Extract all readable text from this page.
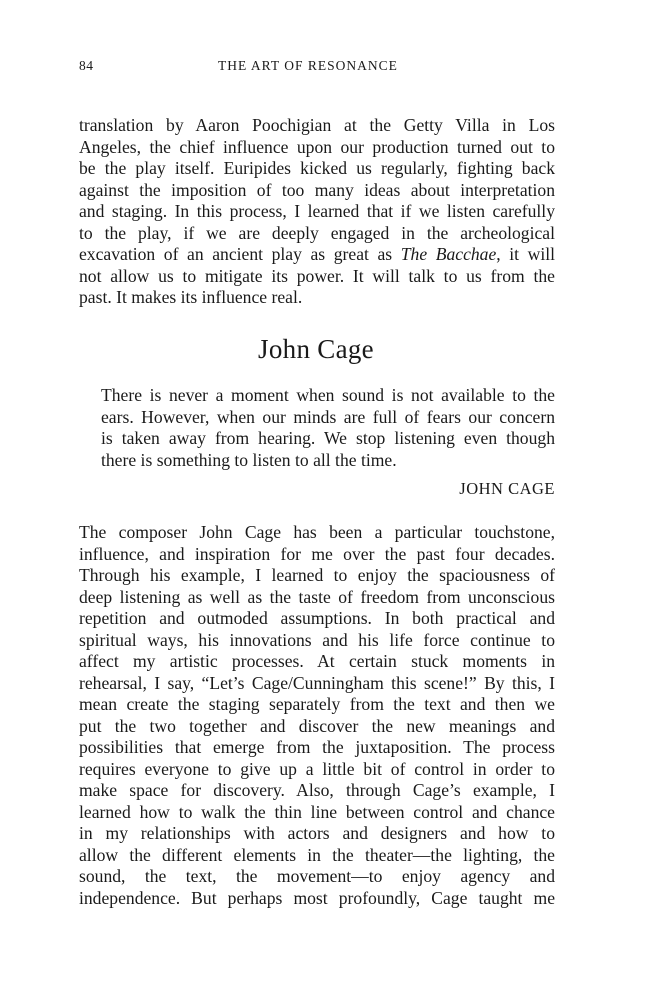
84	THE ART OF RESONANCE

translation by Aaron Poochigian at the Getty Villa in Los
Angeles, the chief influence upon our production turned out to
be the play itself. Euripides kicked us regularly, fighting back
against the imposition of too many ideas about interpretation
and staging. In this process, I learned that if we listen carefully
to the play, if we are deeply engaged in the archeological
excavation of an ancient play as great as The Bacchae, it will
not allow us to mitigate its power. It will talk to us from the
past. It makes its influence real.

John Cage

There is never a moment when sound is not available to the
ears. However, when our minds are full of fears our concern
is taken away from hearing. We stop listening even though
there is something to listen to all the time.

JOHN CAGE

The composer John Cage has been a particular touchstone,
influence, and inspiration for me over the past four decades.
Through his example, I learned to enjoy the spaciousness of
deep listening as well as the taste of freedom from unconscious
repetition and outmoded assumptions. In both practical and
spiritual ways, his innovations and his life force continue to
affect my artistic processes. At certain stuck moments in
rehearsal, I say, “Let’s Cage/Cunningham this scene!” By this, I
mean create the staging separately from the text and then we
put the two together and discover the new meanings and
possibilities that emerge from the juxtaposition. The process
requires everyone to give up a little bit of control in order to
make space for discovery. Also, through Cage’s example, I
learned how to walk the thin line between control and chance
in my relationships with actors and designers and how to
allow the different elements in the theater—the lighting, the
sound, the text, the movement—to enjoy agency and
independence. But perhaps most profoundly, Cage taught me
